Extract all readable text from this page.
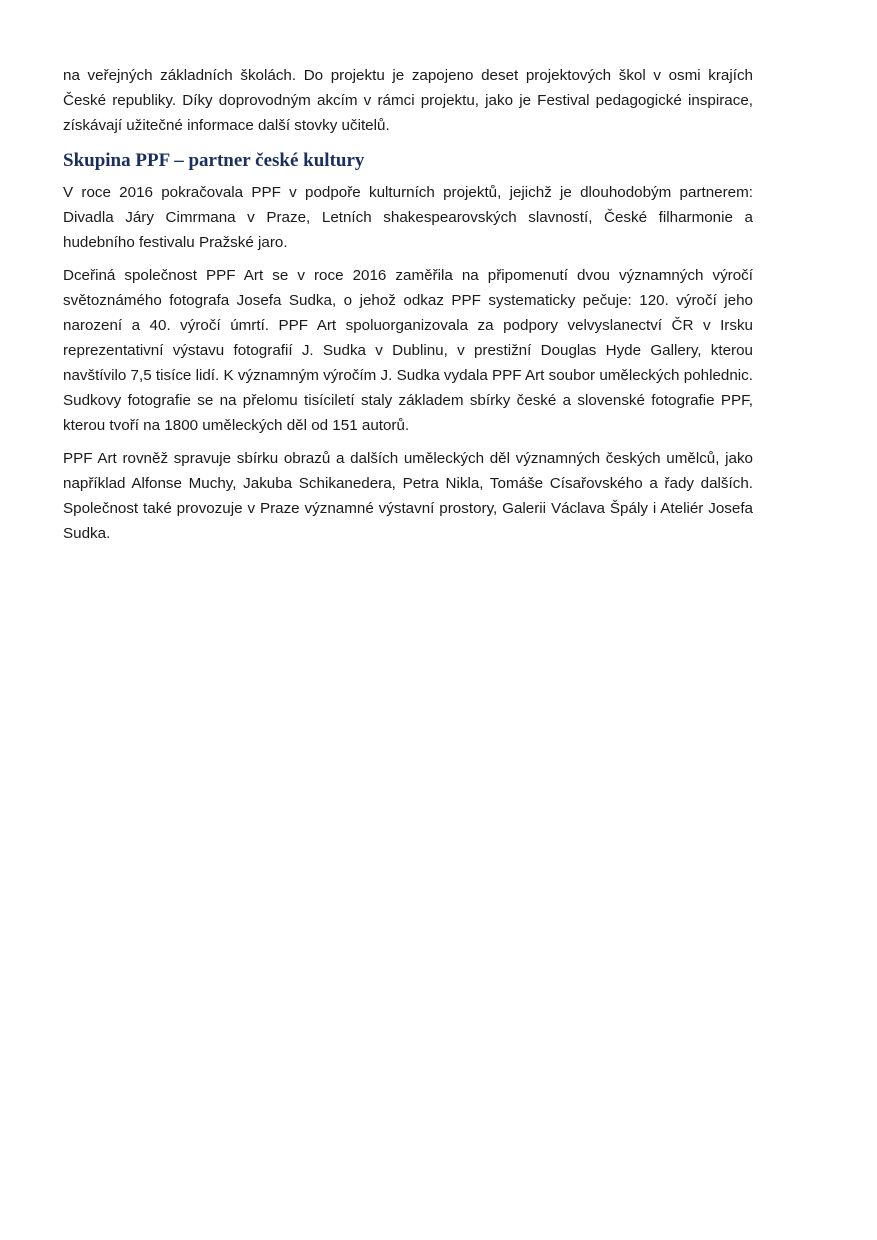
na veřejných základních školách. Do projektu je zapojeno deset projektových škol v osmi krajích České republiky. Díky doprovodným akcím v rámci projektu, jako je Festival pedagogické inspirace, získávají užitečné informace další stovky učitelů.

Skupina PPF – partner české kultury

V roce 2016 pokračovala PPF v podpoře kulturních projektů, jejichž je dlouhodobým partnerem: Divadla Járy Cimrmana v Praze, Letních shakespearovských slavností, České filharmonie a hudebního festivalu Pražské jaro.

Dceřiná společnost PPF Art se v roce 2016 zaměřila na připomenutí dvou významných výročí světoznámého fotografa Josefa Sudka, o jehož odkaz PPF systematicky pečuje: 120. výročí jeho narození a 40. výročí úmrtí. PPF Art spoluorganizovala za podpory velvyslanectví ČR v Irsku reprezentativní výstavu fotografií J. Sudka v Dublinu, v prestižní Douglas Hyde Gallery, kterou navštívilo 7,5 tisíce lidí. K významným výročím J. Sudka vydala PPF Art soubor uměleckých pohlednic. Sudkovy fotografie se na přelomu tisíciletí staly základem sbírky české a slovenské fotografie PPF, kterou tvoří na 1800 uměleckých děl od 151 autorů.

PPF Art rovněž spravuje sbírku obrazů a dalších uměleckých děl významných českých umělců, jako například Alfonse Muchy, Jakuba Schikanedera, Petra Nikla, Tomáše Císařovského a řady dalších. Společnost také provozuje v Praze významné výstavní prostory, Galerii Václava Špály i Ateliér Josefa Sudka.
